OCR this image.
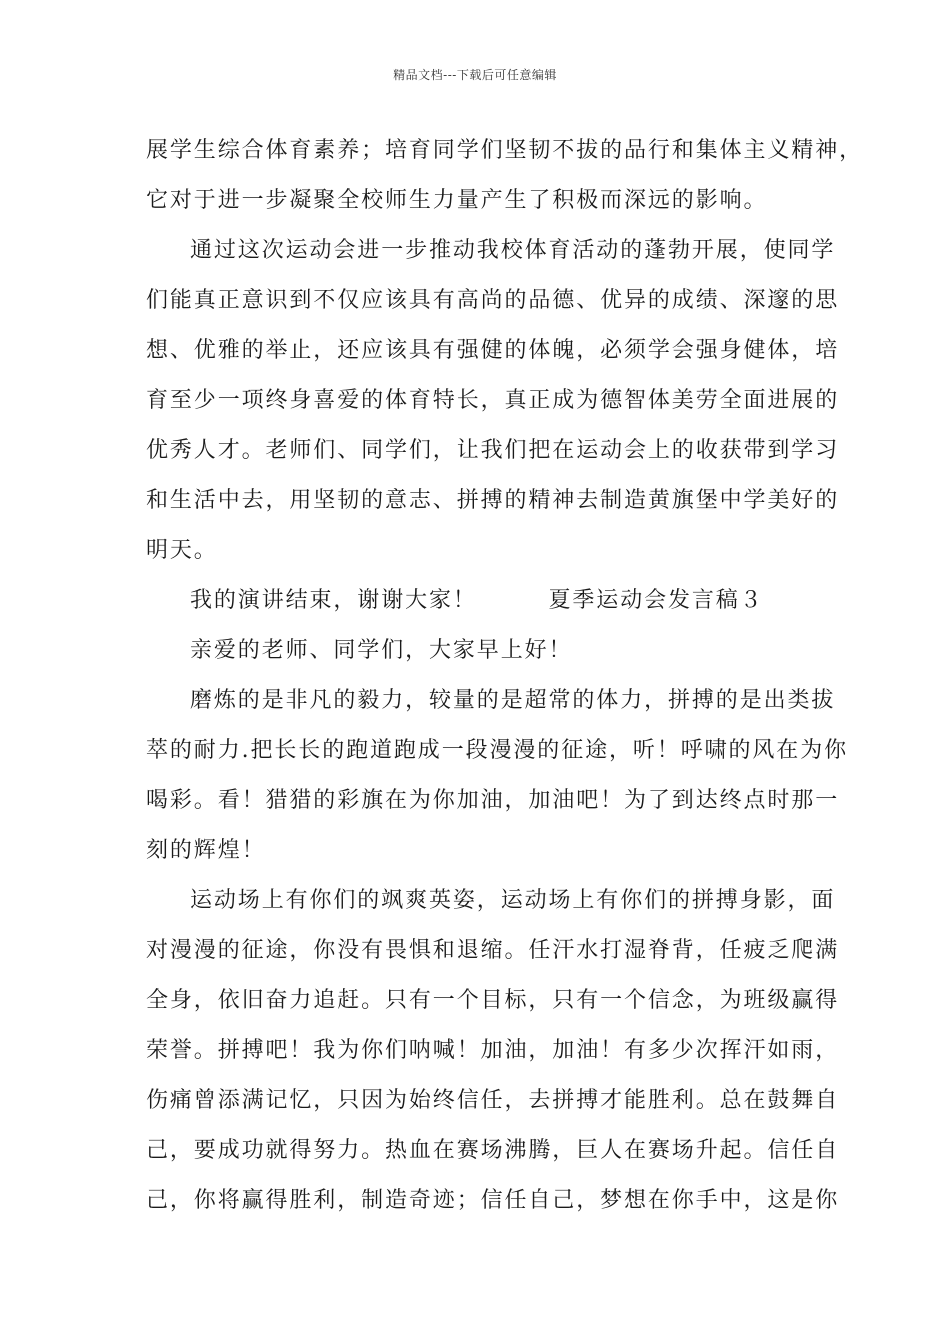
精品文档---下载后可任意编辑
展学生综合体育素养；培育同学们坚韧不拔的品行和集体主义精神，
它对于进一步凝聚全校师生力量产生了积极而深远的影响。
通过这次运动会进一步推动我校体育活动的蓬勃开展，使同学
们能真正意识到不仅应该具有高尚的品德、优异的成绩、深邃的思
想、优雅的举止，还应该具有强健的体魄，必须学会强身健体，培
育至少一项终身喜爱的体育特长，真正成为德智体美劳全面进展的
优秀人才。老师们、同学们，让我们把在运动会上的收获带到学习
和生活中去，用坚韧的意志、拼搏的精神去制造黄旗堡中学美好的
明天。
我的演讲结束，谢谢大家！　　　夏季运动会发言稿３
亲爱的老师、同学们，大家早上好！
磨炼的是非凡的毅力，较量的是超常的体力，拼搏的是出类拔
萃的耐力.把长长的跑道跑成一段漫漫的征途，听！呼啸的风在为你
喝彩。看！猎猎的彩旗在为你加油，加油吧！为了到达终点时那一
刻的辉煌！
运动场上有你们的飒爽英姿，运动场上有你们的拼搏身影，面
对漫漫的征途，你没有畏惧和退缩。任汗水打湿脊背，任疲乏爬满
全身，依旧奋力追赶。只有一个目标，只有一个信念，为班级赢得
荣誉。拼搏吧！我为你们呐喊！加油，加油！有多少次挥汗如雨，
伤痛曾添满记忆，只因为始终信任，去拼搏才能胜利。总在鼓舞自
己，要成功就得努力。热血在赛场沸腾，巨人在赛场升起。信任自
己，你将赢得胜利，制造奇迹；信任自己，梦想在你手中，这是你
